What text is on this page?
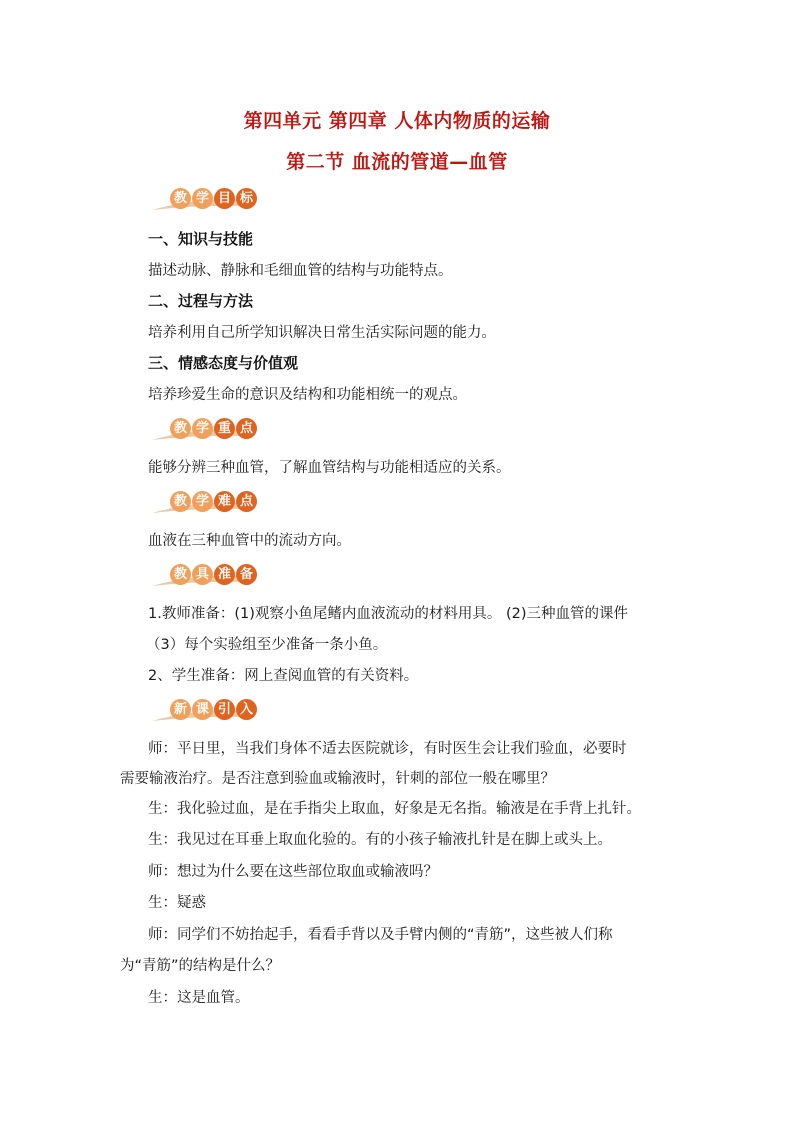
第四单元 第四章 人体内物质的运输
第二节 血流的管道—血管
教 学 目 标
一、知识与技能
描述动脉、静脉和毛细血管的结构与功能特点。
二、过程与方法
培养利用自己所学知识解决日常生活实际问题的能力。
三、情感态度与价值观
培养珍爱生命的意识及结构和功能相统一的观点。
教 学 重 点
能够分辨三种血管，了解血管结构与功能相适应的关系。
教 学 难 点
血液在三种血管中的流动方向。
教 具 准 备
1.教师准备：(1)观察小鱼尾鳍内血液流动的材料用具。 (2)三种血管的课件
（3）每个实验组至少准备一条小鱼。
2、学生准备：网上查阅血管的有关资料。
新 课 引 入
师：平日里，当我们身体不适去医院就诊，有时医生会让我们验血，必要时
需要输液治疗。是否注意到验血或输液时，针刺的部位一般在哪里？
生：我化验过血，是在手指尖上取血，好象是无名指。输液是在手背上扎针。
生：我见过在耳垂上取血化验的。有的小孩子输液扎针是在脚上或头上。
师：想过为什么要在这些部位取血或输液吗？
生：疑惑
师：同学们不妨抬起手，看看手背以及手臂内侧的“青筋”，这些被人们称
为“青筋”的结构是什么？
生：这是血管。
